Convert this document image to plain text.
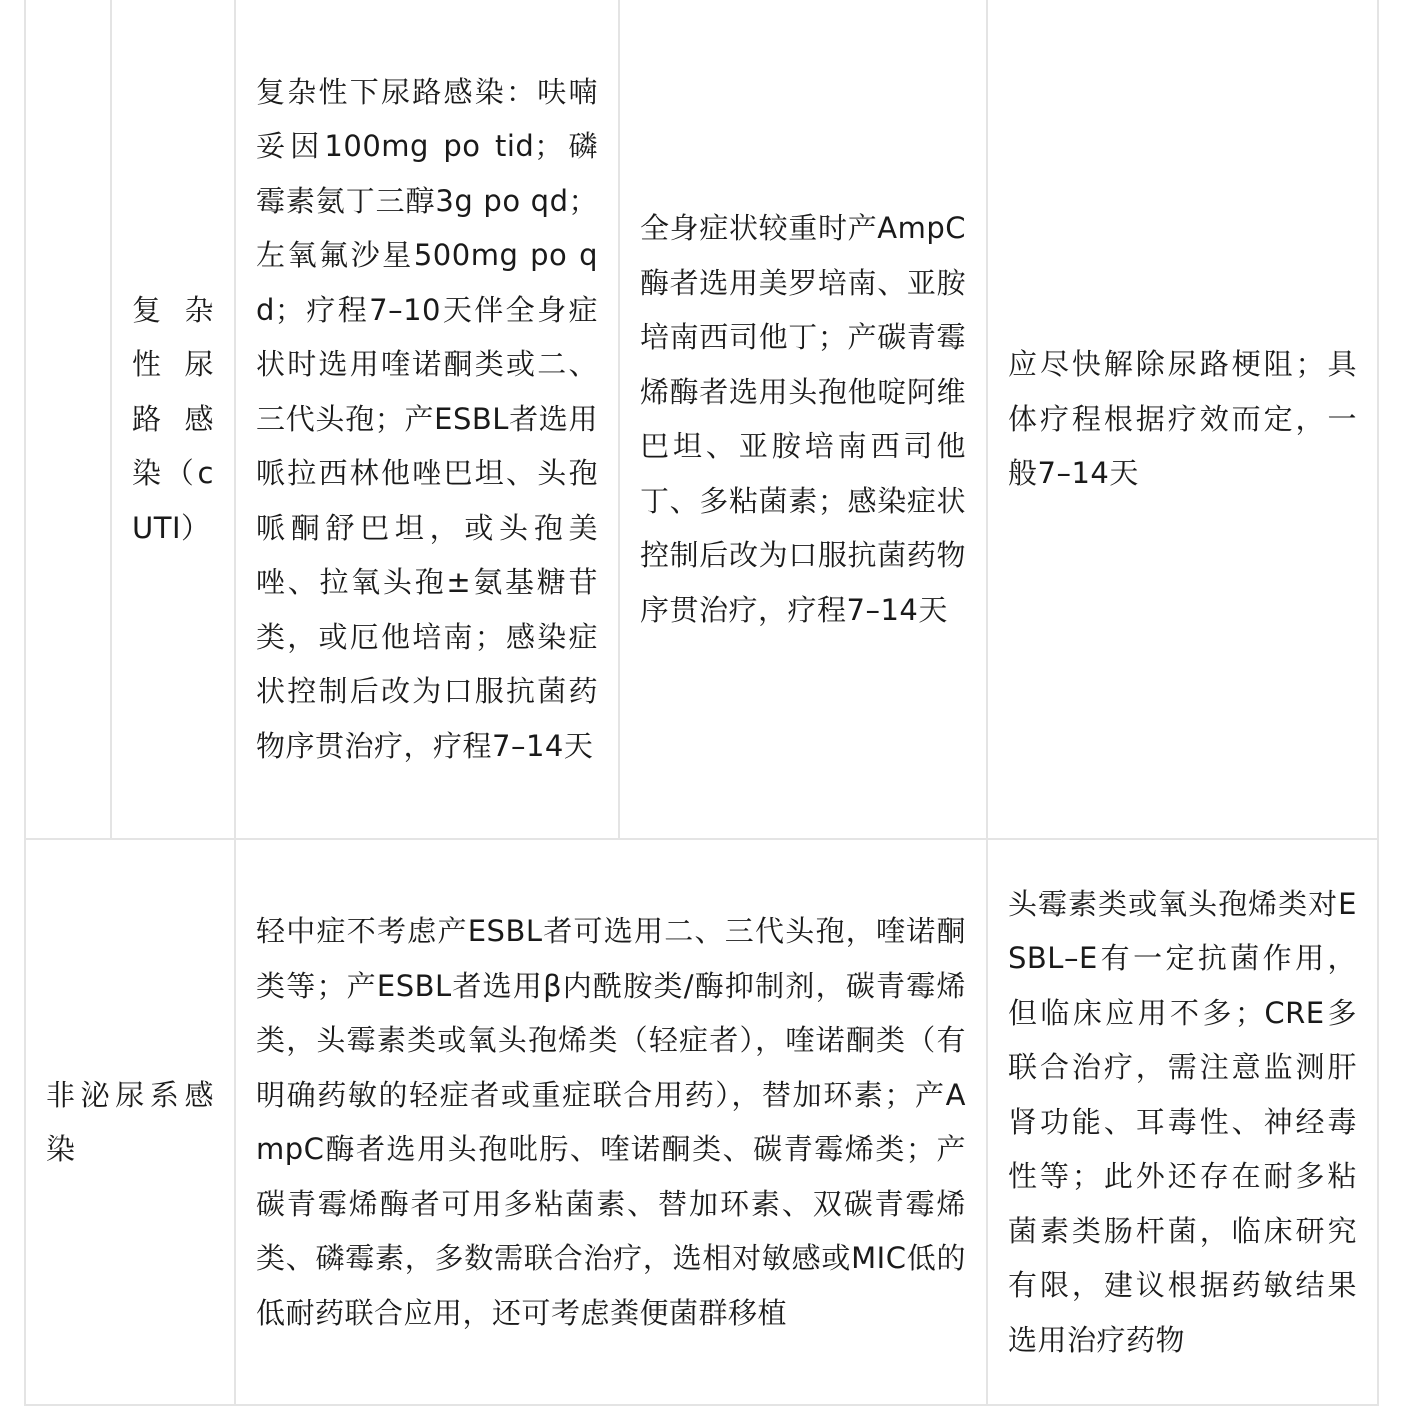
	复杂性尿路感染（cUTI）	复杂性下尿路感染：呋喃妥因100mg po tid；磷霉素氨丁三醇3g po qd；左氧氟沙星500mg po qd；疗程7–10天伴全身症状时选用喹诺酮类或二、三代头孢；产ESBL者选用哌拉西林他唑巴坦、头孢哌酮舒巴坦，或头孢美唑、拉氧头孢±氨基糖苷类，或厄他培南；感染症状控制后改为口服抗菌药物序贯治疗，疗程7–14天	全身症状较重时产AmpC酶者选用美罗培南、亚胺培南西司他丁；产碳青霉烯酶者选用头孢他啶阿维巴坦、亚胺培南西司他丁、多粘菌素；感染症状控制后改为口服抗菌药物序贯治疗，疗程7–14天	应尽快解除尿路梗阻；具体疗程根据疗效而定，一般7–14天

非泌尿系感染		轻中症不考虑产ESBL者可选用二、三代头孢，喹诺酮类等；产ESBL者选用β内酰胺类/酶抑制剂，碳青霉烯类，头霉素类或氧头孢烯类（轻症者），喹诺酮类（有明确药敏的轻症者或重症联合用药），替加环素；产AmpC酶者选用头孢吡肟、喹诺酮类、碳青霉烯类；产碳青霉烯酶者可用多粘菌素、替加环素、双碳青霉烯类、磷霉素，多数需联合治疗，选相对敏感或MIC低的低耐药联合应用，还可考虑粪便菌群移植		头霉素类或氧头孢烯类对ESBL–E有一定抗菌作用，但临床应用不多；CRE多联合治疗，需注意监测肝肾功能、耳毒性、神经毒性等；此外还存在耐多粘菌素类肠杆菌，临床研究有限，建议根据药敏结果选用治疗药物
